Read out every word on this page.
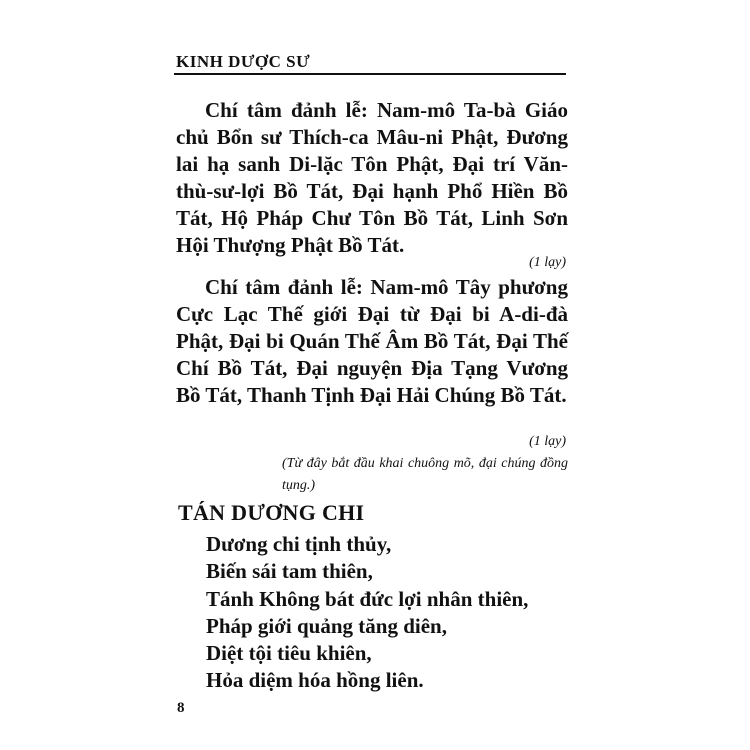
KINH DƯỢC SƯ

Chí tâm đảnh lễ: Nam-mô Ta-bà Giáo chủ Bổn sư Thích-ca Mâu-ni Phật, Đương lai hạ sanh Di-lặc Tôn Phật, Đại trí Văn-thù-sư-lợi Bồ Tát, Đại hạnh Phổ Hiền Bồ Tát, Hộ Pháp Chư Tôn Bồ Tát, Linh Sơn Hội Thượng Phật Bồ Tát.

(1 lạy)

Chí tâm đảnh lễ: Nam-mô Tây phương Cực Lạc Thế giới Đại từ Đại bi A-di-đà Phật, Đại bi Quán Thế Âm Bồ Tát, Đại Thế Chí Bồ Tát, Đại nguyện Địa Tạng Vương Bồ Tát, Thanh Tịnh Đại Hải Chúng Bồ Tát.

(1 lạy)
(Từ đây bắt đầu khai chuông mõ, đại chúng đồng tụng.)
TÁN DƯƠNG CHI
Dương chi tịnh thủy,
Biến sái tam thiên,
Tánh Không bát đức lợi nhân thiên,
Pháp giới quảng tăng diên,
Diệt tội tiêu khiên,
Hỏa diệm hóa hồng liên.
8
